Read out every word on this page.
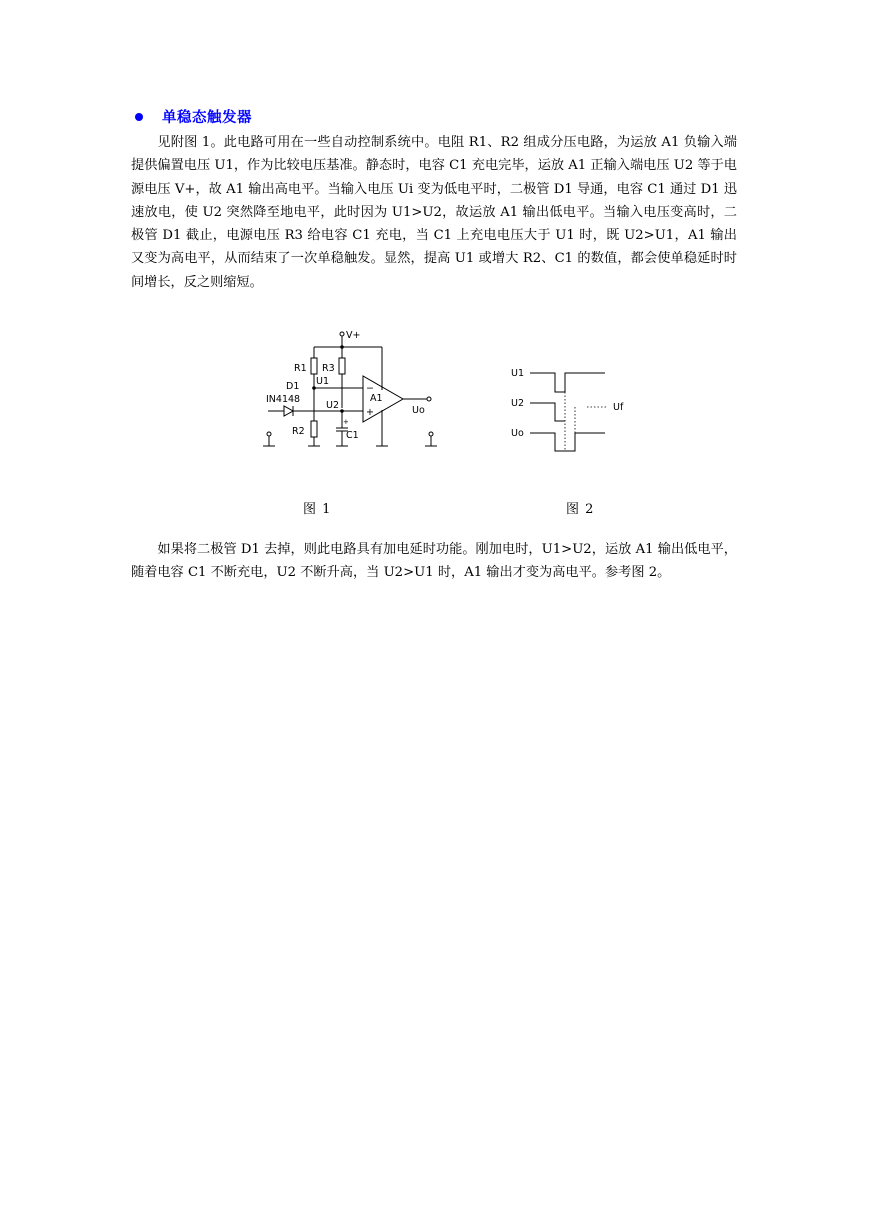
单稳态触发器

见附图 1。此电路可用在一些自动控制系统中。电阻 R1、R2 组成分压电路，为运放 A1 负输入端提供偏置电压 U1，作为比较电压基准。静态时，电容 C1 充电完毕，运放 A1 正输入端电压 U2 等于电源电压 V+，故 A1 输出高电平。当输入电压 Ui 变为低电平时，二极管 D1 导通，电容 C1 通过 D1 迅速放电，使 U2 突然降至地电平，此时因为 U1>U2，故运放 A1 输出低电平。当输入电压变高时，二极管 D1 截止，电源电压 R3 给电容 C1 充电，当 C1 上充电电压大于 U1 时，既 U2>U1，A1 输出又变为高电平，从而结束了一次单稳触发。显然，提高 U1 或增大 R2、C1 的数值，都会使单稳延时时间增长，反之则缩短。

V+
R1 R3
U1
D1
IN4148
U2
R2	C1
A1
Uo
−
+
+
U1
U2
Uo
Uf
图 1	图 2

如果将二极管 D1 去掉，则此电路具有加电延时功能。刚加电时，U1>U2，运放 A1 输出低电平，随着电容 C1 不断充电，U2 不断升高，当 U2>U1 时，A1 输出才变为高电平。参考图 2。
